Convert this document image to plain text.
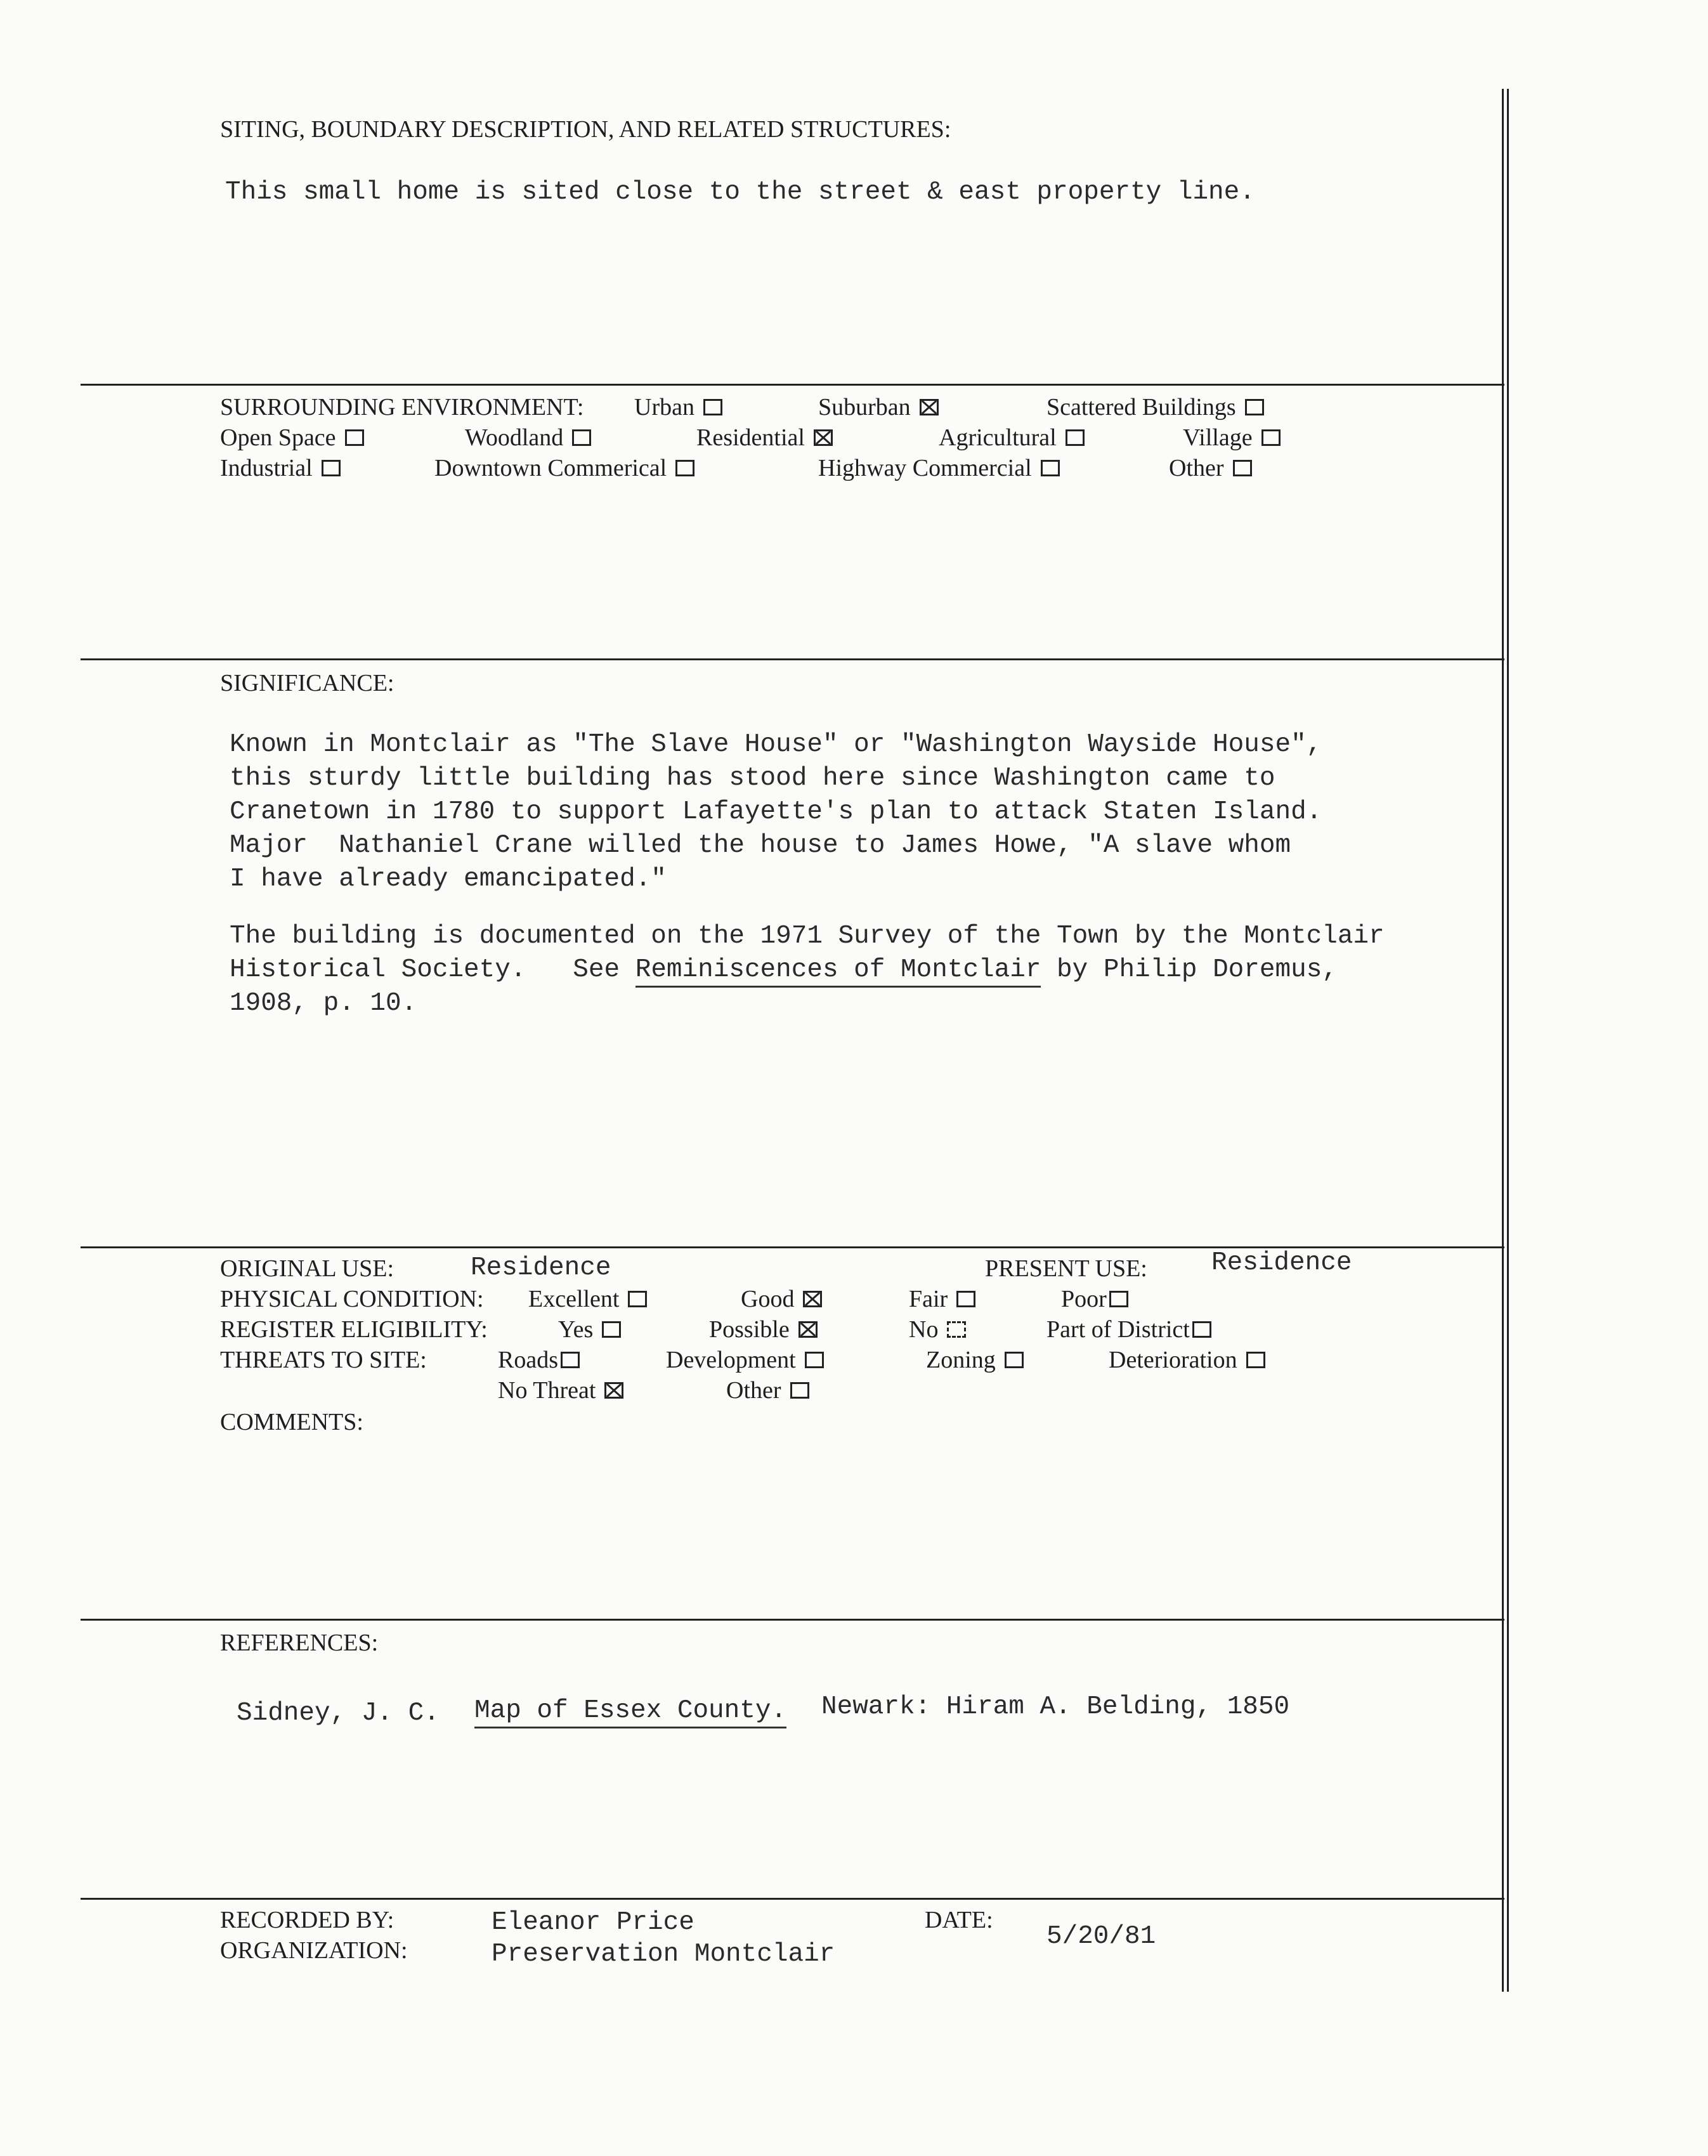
SITING, BOUNDARY DESCRIPTION, AND RELATED STRUCTURES:
This small home is sited close to the street & east property line.
SURROUNDING ENVIRONMENT: Urban	Suburban	Scattered Buildings
Open Space	Woodland	Residential	Agricultural	Village
Industrial	Downtown Commerical	Highway Commercial	Other
SIGNIFICANCE:
Known in Montclair as "The Slave House" or "Washington Wayside House",
this sturdy little building has stood here since Washington came to
Cranetown in 1780 to support Lafayette's plan to attack Staten Island.
Major  Nathaniel Crane willed the house to James Howe, "A slave whom
I have already emancipated."
The building is documented on the 1971 Survey of the Town by the Montclair
Historical Society.   See Reminiscences of Montclair by Philip Doremus,
1908, p. 10.
ORIGINAL USE:	Residence	PRESENT USE: Residence
PHYSICAL CONDITION: Excellent	Good	Fair	Poor
REGISTER ELIGIBILITY:	Yes	Possible	No	Part of District
THREATS TO SITE:	Roads	Development	Zoning	Deterioration
No Threat	Other
COMMENTS:
REFERENCES:
Sidney, J. C. Map of Essex County. Newark: Hiram A. Belding, 1850
RECORDED BY:	Eleanor Price
ORGANIZATION:	Preservation Montclair
DATE:
5/20/81
